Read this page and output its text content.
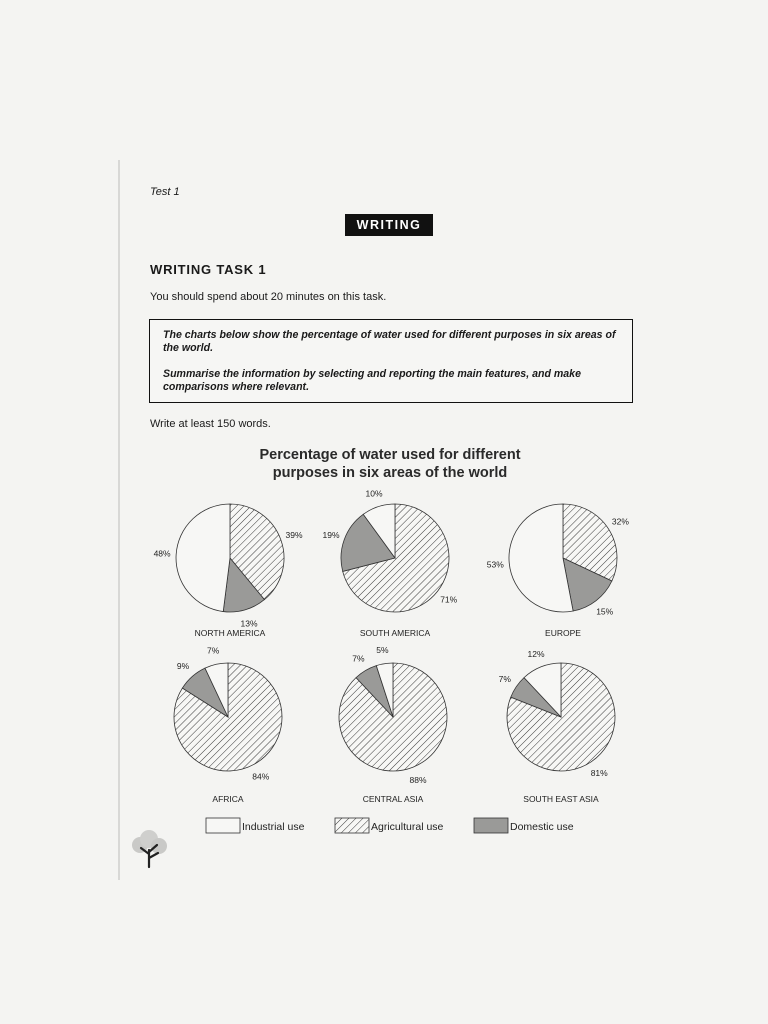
Test 1
WRITING
WRITING TASK 1
You should spend about 20 minutes on this task.

The charts below show the percentage of water used for different purposes in six areas of the world.

Summarise the information by selecting and reporting the main features, and make comparisons where relevant.

Write at least 150 words.
Percentage of water used for different
purposes in six areas of the world
39%
13%
48%
NORTH AMERICA
71%
19%
10%
SOUTH AMERICA
32%
15%
53%
EUROPE
84%
9%
7%
AFRICA
88%
7%
5%
CENTRAL ASIA
81%
7%
12%
SOUTH EAST ASIA
Industrial use	Agricultural use	Domestic use
